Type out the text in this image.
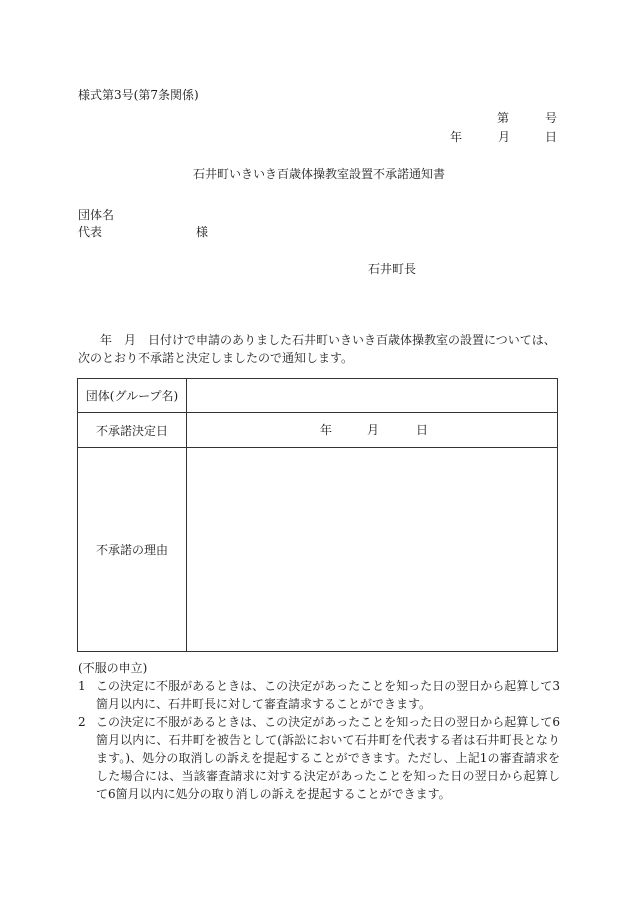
様式第3号(第7条関係)
第	号
年	月	日
石井町いきいき百歳体操教室設置不承諾通知書
団体名
代表	様
石井町長
年　月　日付けで申請のありました石井町いきいき百歳体操教室の設置については、
次のとおり不承諾と決定しましたので通知します。
団体(グループ名)	
不承諾決定日	年 月 日

不承諾の理由	
(不服の申立)
1 この決定に不服があるときは、この決定があったことを知った日の翌日から起算して3箇月以内に、石井町長に対して審査請求することができます。
2 この決定に不服があるときは、この決定があったことを知った日の翌日から起算して6箇月以内に、石井町を被告として(訴訟において石井町を代表する者は石井町長となります。)、処分の取消しの訴えを提起することができます。ただし、上記1の審査請求をした場合には、当該審査請求に対する決定があったことを知った日の翌日から起算して6箇月以内に処分の取り消しの訴えを提起することができます。
